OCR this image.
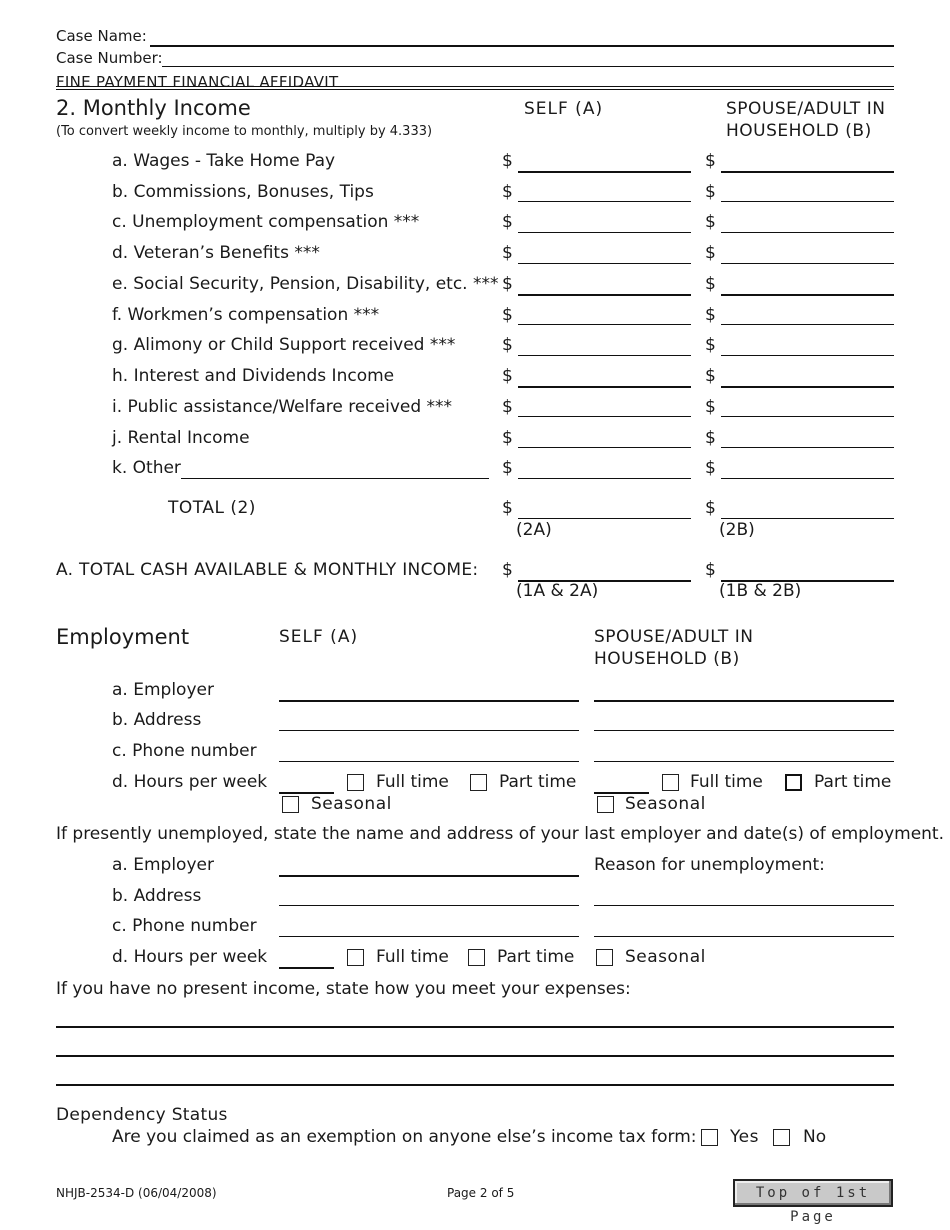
Case Name:
Case Number:
FINE PAYMENT FINANCIAL AFFIDAVIT
2. Monthly Income
(To convert weekly income to monthly, multiply by 4.333)
SELF (A)	SPOUSE/ADULT IN
HOUSEHOLD (B)
a. Wages - Take Home Pay	$	$
b. Commissions, Bonuses, Tips	$	$
c. Unemployment compensation ***	$	$
d. Veteran’s Benefits ***	$	$
e. Social Security, Pension, Disability, etc. *** $	$
f. Workmen’s compensation ***	$	$
g. Alimony or Child Support received ***	$	$
h. Interest and Dividends Income	$	$
i. Public assistance/Welfare received ***	$	$
j. Rental Income	$	$
k. Other	$	$
TOTAL (2)	$	$
(2A)	(2B)
A. TOTAL CASH AVAILABLE & MONTHLY INCOME: $	$
(1A & 2A)	(1B & 2B)
Employment	SELF (A)	SPOUSE/ADULT IN
HOUSEHOLD (B)
a. Employer
b. Address
c. Phone number
d. Hours per week	Full time	Part time
Seasonal
Full time	Part time
Seasonal
If presently unemployed, state the name and address of your last employer and date(s) of employment.
a. Employer	Reason for unemployment:
b. Address
c. Phone number
d. Hours per week	Full time	Part time	Seasonal
If you have no present income, state how you meet your expenses:
Dependency Status
Are you claimed as an exemption on anyone else’s income tax form: Yes	No
NHJB-2534-D (06/04/2008)	Page 2 of 5	Top of 1st Page
